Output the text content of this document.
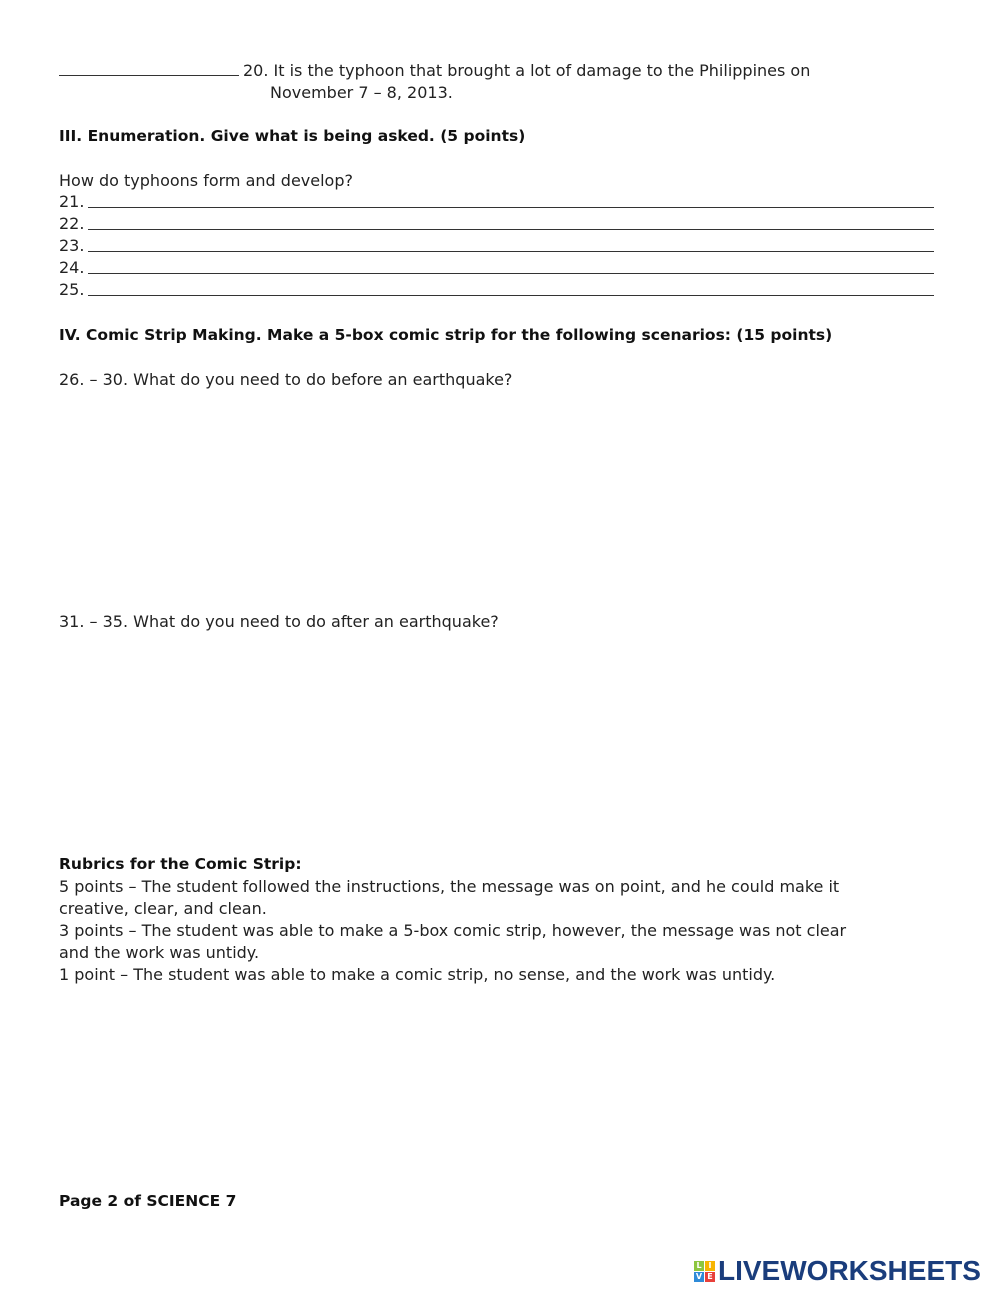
20. It is the typhoon that brought a lot of damage to the Philippines on
November 7 – 8, 2013.
III. Enumeration. Give what is being asked. (5 points)
How do typhoons form and develop?
21.
22.
23.
24.
25.
IV. Comic Strip Making. Make a 5-box comic strip for the following scenarios: (15 points)
26. – 30. What do you need to do before an earthquake?
31. – 35. What do you need to do after an earthquake?
Rubrics for the Comic Strip:
5 points – The student followed the instructions, the message was on point, and he could make it
creative, clear, and clean.
3 points – The student was able to make a 5-box comic strip, however, the message was not clear
and the work was untidy.
1 point – The student was able to make a comic strip, no sense, and the work was untidy.
Page 2 of SCIENCE 7
L I
V E LIVEWORKSHEETS
